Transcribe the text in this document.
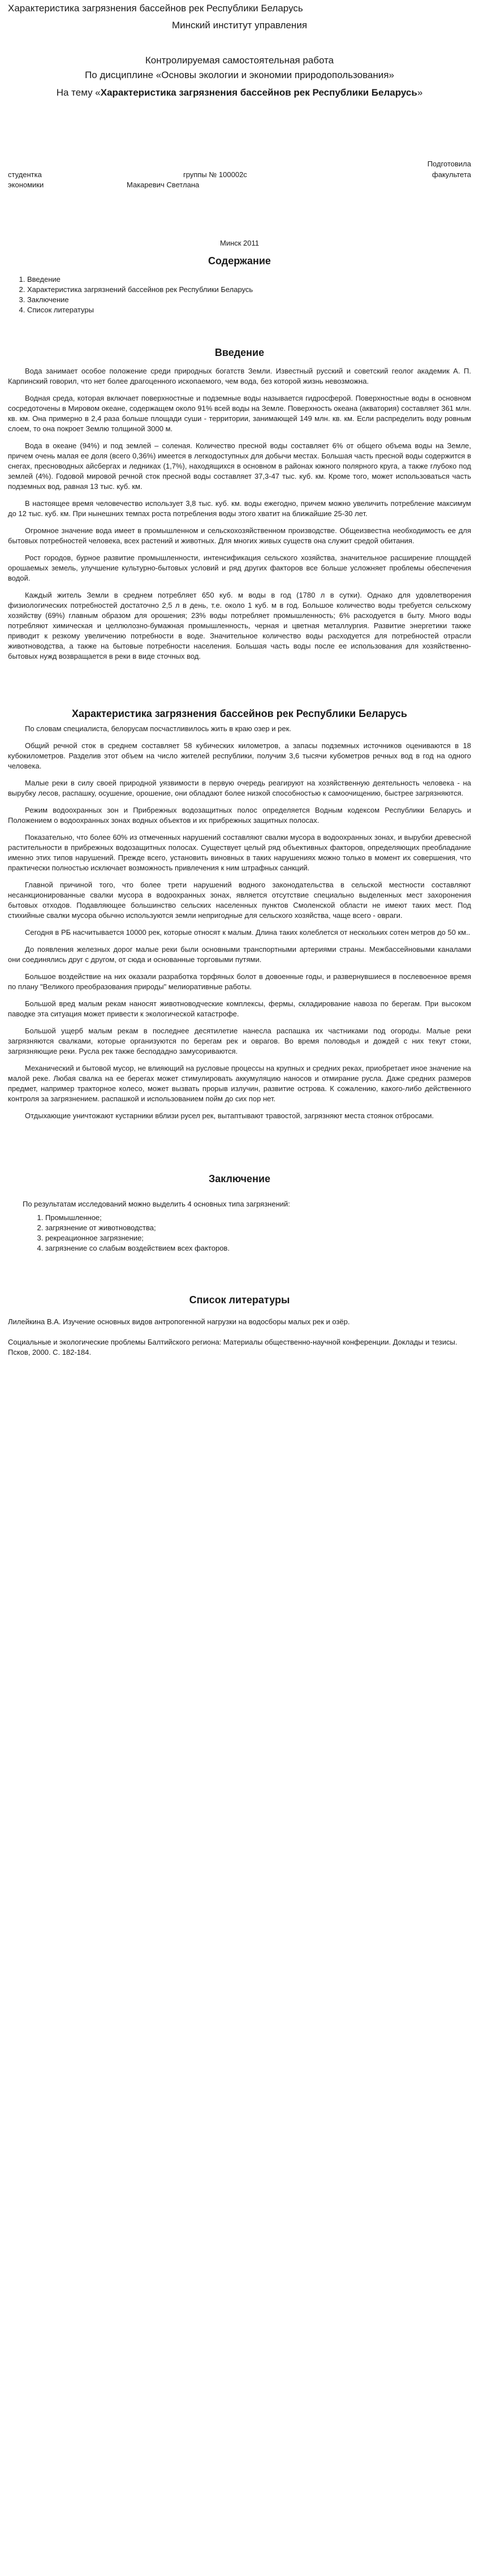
Характеристика загрязнения бассейнов рек Республики Беларусь
Минский институт управления
Контролируемая самостоятельная работа
По дисциплине «Основы экологии и экономии природопользования»
На тему «Характеристика загрязнения бассейнов рек Республики Беларусь»
Подготовила
студентка	группы № 100002с	факультета
экономики	Макаревич Светлана
Минск 2011
Содержание
1. Введение
2. Характеристика загрязнений бассейнов рек Республики Беларусь
3. Заключение
4. Список литературы
Введение

Вода занимает особое положение среди природных богатств Земли. Известный русский и советский геолог академик А. П. Карпинский говорил, что нет более драгоценного ископаемого, чем вода, без которой жизнь невозможна.

Водная среда, которая включает поверхностные и подземные воды называется гидросферой. Поверхностные воды в основном сосредоточены в Мировом океане, содержащем около 91% всей воды на Земле. Поверхность океана (акватория) составляет 361 млн. кв. км. Она примерно в 2,4 раза больше площади суши - территории, занимающей 149 млн. кв. км. Если распределить воду ровным слоем, то она покроет Землю толщиной 3000 м.

Вода в океане (94%) и под землей – соленая. Количество пресной воды составляет 6% от общего объема воды на Земле, причем очень малая ее доля (всего 0,36%) имеется в легкодоступных для добычи местах. Большая часть пресной воды содержится в снегах, пресноводных айсбергах и ледниках (1,7%), находящихся в основном в районах южного полярного круга, а также глубоко под землей (4%). Годовой мировой речной сток пресной воды составляет 37,3-47 тыс. куб. км. Кроме того, может использоваться часть подземных вод, равная 13 тыс. куб. км.

В настоящее время человечество использует 3,8 тыс. куб. км. воды ежегодно, причем можно увеличить потребление максимум до 12 тыс. куб. км. При нынешних темпах роста потребления воды этого хватит на ближайшие 25-30 лет.

Огромное значение вода имеет в промышленном и сельскохозяйственном производстве. Общеизвестна необходимость ее для бытовых потребностей человека, всех растений и животных. Для многих живых существ она служит средой обитания.

Рост городов, бурное развитие промышленности, интенсификация сельского хозяйства, значительное расширение площадей орошаемых земель, улучшение культурно-бытовых условий и ряд других факторов все больше усложняет проблемы обеспечения водой.

Каждый житель Земли в среднем потребляет 650 куб. м воды в год (1780 л в сутки). Однако для удовлетворения физиологических потребностей достаточно 2,5 л в день, т.е. около 1 куб. м в год. Большое количество воды требуется сельскому хозяйству (69%) главным образом для орошения; 23% воды потребляет промышленность; 6% расходуется в быту. Много воды потребляют химическая и целлюлозно-бумажная промышленность, черная и цветная металлургия. Развитие энергетики также приводит к резкому увеличению потребности в воде. Значительное количество воды расходуется для потребностей отрасли животноводства, а также на бытовые потребности населения. Большая часть воды после ее использования для хозяйственно-бытовых нужд возвращается в реки в виде сточных вод.

Характеристика загрязнения бассейнов рек Республики Беларусь

По словам специалиста, белорусам посчастливилось жить в краю озер и рек.

Общий речной сток в среднем составляет 58 кубических километров, а запасы подземных источников оцениваются в 18 кубокилометров. Разделив этот объем на число жителей республики, получим 3,6 тысячи кубометров речных вод в год на одного человека.

Малые реки в силу своей природной уязвимости в первую очередь реагируют на хозяйственную деятельность человека - на вырубку лесов, распашку, осушение, орошение, они обладают более низкой способностью к самоочищению, быстрее загрязняются.

Режим водоохранных зон и Прибрежных водозащитных полос определяется Водным кодексом Республики Беларусь и Положением о водоохранных зонах водных объектов и их прибрежных защитных полосах.

Показательно, что более 60% из отмеченных нарушений составляют свалки мусора в водоохранных зонах, и вырубки древесной растительности в прибрежных водозащитных полосах. Существует целый ряд объективных факторов, определяющих преобладание именно этих типов нарушений. Прежде всего, установить виновных в таких нарушениях можно только в момент их совершения, что практически полностью исключает возможность привлечения к ним штрафных санкций.

Главной причиной того, что более трети нарушений водного законодательства в сельской местности составляют несанкционированные свалки мусора в водоохранных зонах, является отсутствие специально выделенных мест захоронения бытовых отходов. Подавляющее большинство сельских населенных пунктов Смоленской области не имеют таких мест. Под стихийные свалки мусора обычно используются земли непригодные для сельского хозяйства, чаще всего - овраги.

Сегодня в РБ насчитывается 10000 рек, которые относят к малым. Длина таких колеблется от нескольких сотен метров до 50 км..

До появления железных дорог малые реки были основными транспортными артериями страны. Межбассейновыми каналами они соединялись друг с другом, от сюда и основанные торговыми путями.

Большое воздействие на них оказали разработка торфяных болот в довоенные годы, и развернувшиеся в послевоенное время по плану "Великого преобразования природы" мелиоративные работы.

Большой вред малым рекам наносят животноводческие комплексы, фермы, складирование навоза по берегам. При высоком паводке эта ситуация может привести к экологической катастрофе.

Большой ущерб малым рекам в последнее десятилетие нанесла распашка их частниками под огороды. Малые реки загрязняются свалками, которые организуются по берегам рек и оврагов. Во время половодья и дождей с них текут стоки, загрязняющие реки. Русла рек также бесподадно замусориваются.

Механический и бытовой мусор, не влияющий на русловые процессы на крупных и средних реках, приобретает иное значение на малой реке. Любая свалка на ее берегах может стимулировать аккумуляцию наносов и отмирание русла. Даже средних размеров предмет, например тракторное колесо, может вызвать прорыв излучин, развитие острова. К сожалению, какого-либо действенного контроля за загрязнением. распашкой и использованием пойм до сих пор нет.

Отдыхающие уничтожают кустарники вблизи русел рек, вытаптывают травостой, загрязняют места стоянок отбросами.

Заключение
По результатам исследований можно выделить 4 основных типа загрязнений:
1. Промышленное;
2. загрязнение от животноводства;
3. рекреационное загрязнение;
4. загрязнение со слабым воздействием всех факторов.
Список литературы
Лилейкина В.А. Изучение основных видов антропогенной нагрузки на водосборы малых рек и озёр.
Социальные и экологические проблемы Балтийского региона: Материалы общественно-научной конференции. Доклады и тезисы. Псков, 2000. С. 182-184.
